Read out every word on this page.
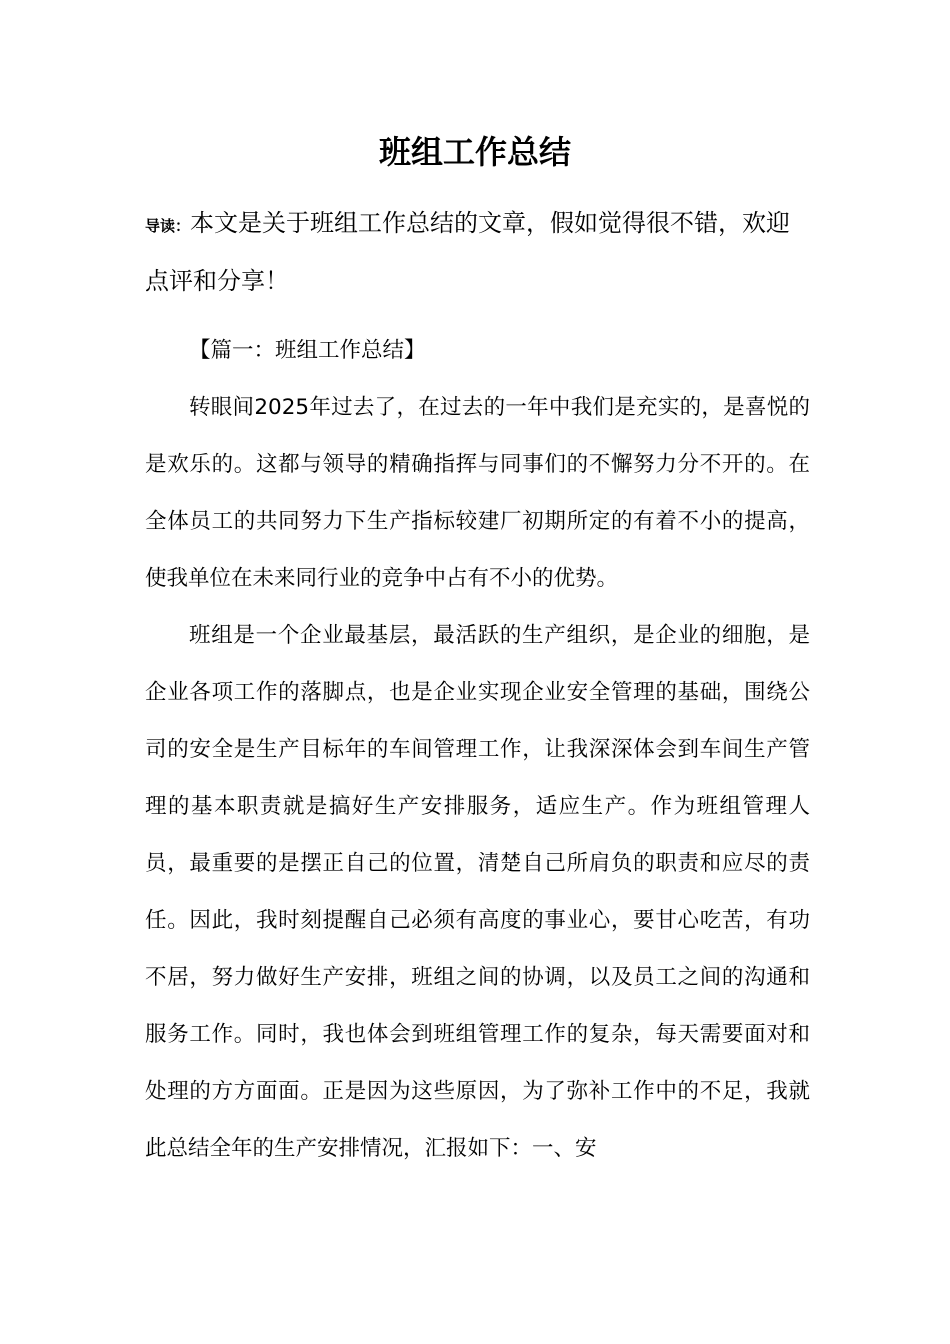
班组工作总结
导读：本文是关于班组工作总结的文章，假如觉得很不错，欢迎点评和分享！

【篇一：班组工作总结】

转眼间2025年过去了，在过去的一年中我们是充实的，是喜悦的是欢乐的。这都与领导的精确指挥与同事们的不懈努力分不开的。在全体员工的共同努力下生产指标较建厂初期所定的有着不小的提高，使我单位在未来同行业的竞争中占有不小的优势。

班组是一个企业最基层，最活跃的生产组织，是企业的细胞，是企业各项工作的落脚点，也是企业实现企业安全管理的基础，围绕公司的安全是生产目标年的车间管理工作，让我深深体会到车间生产管理的基本职责就是搞好生产安排服务，适应生产。作为班组管理人员，最重要的是摆正自己的位置，清楚自己所肩负的职责和应尽的责任。因此，我时刻提醒自己必须有高度的事业心，要甘心吃苦，有功不居，努力做好生产安排，班组之间的协调，以及员工之间的沟通和服务工作。同时，我也体会到班组管理工作的复杂，每天需要面对和处理的方方面面。正是因为这些原因，为了弥补工作中的不足，我就此总结全年的生产安排情况，汇报如下：一、安
